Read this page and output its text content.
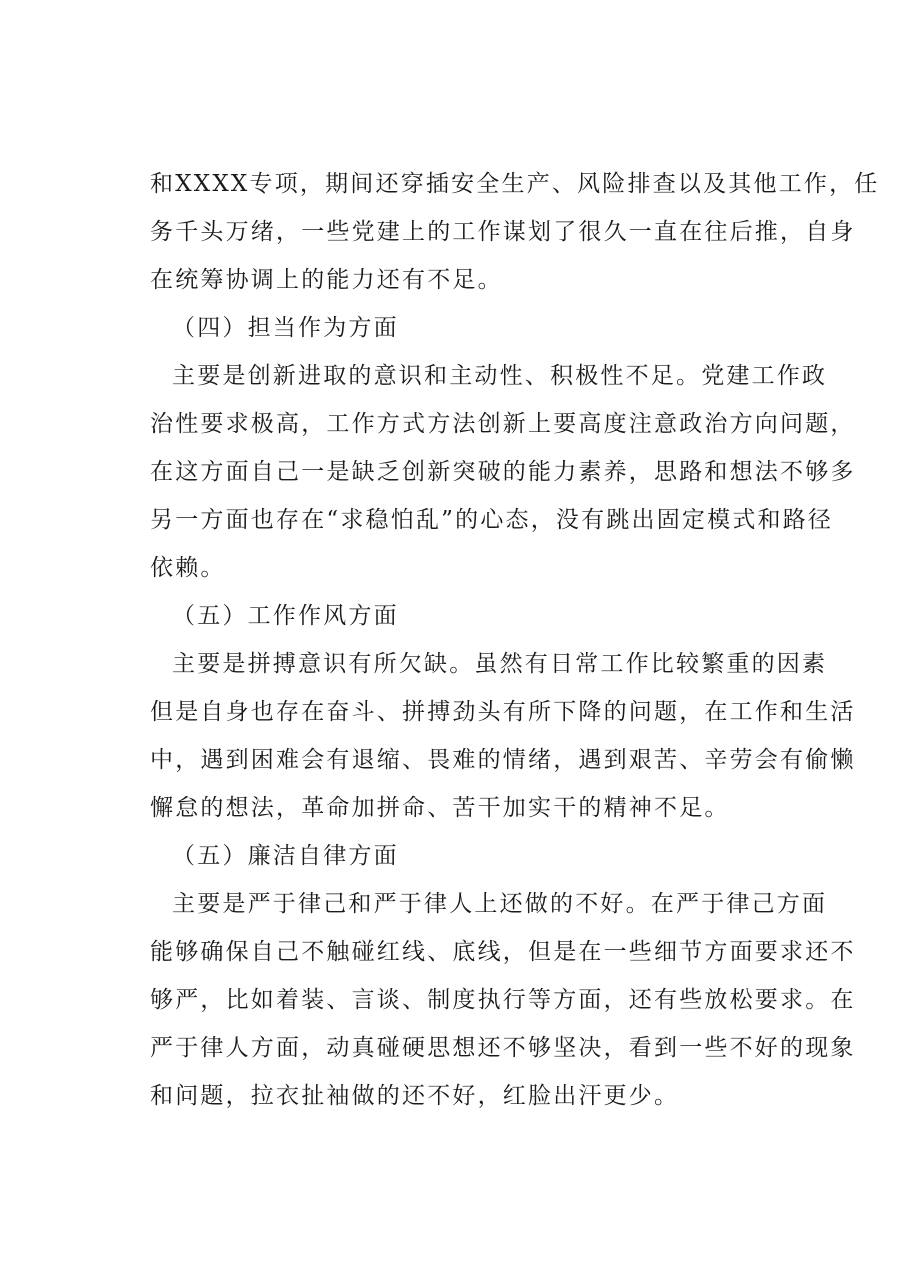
和XXXX专项，期间还穿插安全生产、风险排查以及其他工作，任
务千头万绪，一些党建上的工作谋划了很久一直在往后推，自身
在统筹协调上的能力还有不足。
（四）担当作为方面
主要是创新进取的意识和主动性、积极性不足。党建工作政
治性要求极高，工作方式方法创新上要高度注意政治方向问题，
在这方面自己一是缺乏创新突破的能力素养，思路和想法不够多
另一方面也存在“求稳怕乱”的心态，没有跳出固定模式和路径
依赖。
（五）工作作风方面
主要是拼搏意识有所欠缺。虽然有日常工作比较繁重的因素
但是自身也存在奋斗、拼搏劲头有所下降的问题，在工作和生活
中，遇到困难会有退缩、畏难的情绪，遇到艰苦、辛劳会有偷懒
懈怠的想法，革命加拼命、苦干加实干的精神不足。
（五）廉洁自律方面
主要是严于律己和严于律人上还做的不好。在严于律己方面
能够确保自己不触碰红线、底线，但是在一些细节方面要求还不
够严，比如着装、言谈、制度执行等方面，还有些放松要求。在
严于律人方面，动真碰硬思想还不够坚决，看到一些不好的现象
和问题，拉衣扯袖做的还不好，红脸出汗更少。
